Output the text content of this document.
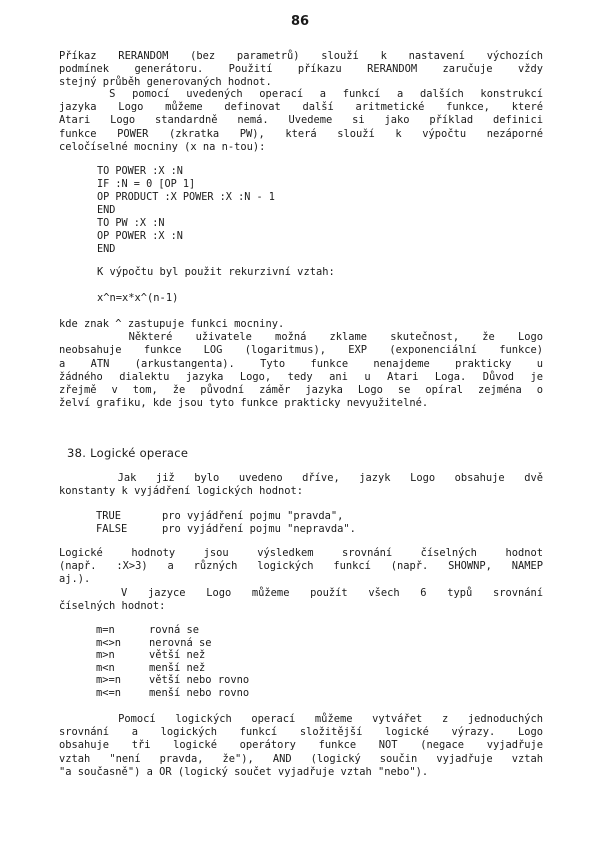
86
Příkaz RERANDOM (bez parametrů) slouží k nastavení výchozích
podmínek generátoru. Použití příkazu RERANDOM zaručuje vždy
stejný průběh generovaných hodnot.
S pomocí uvedených operací a funkcí a dalších konstrukcí
jazyka Logo můžeme definovat další aritmetické funkce, které
Atari Logo standardně nemá. Uvedeme si jako příklad definici
funkce POWER (zkratka PW), která slouží k výpočtu nezáporné
celočíselné mocniny (x na n-tou):
TO POWER :X :N
IF :N = 0 [OP 1]
OP PRODUCT :X POWER :X :N - 1
END
TO PW :X :N
OP POWER :X :N
END
K výpočtu byl použit rekurzivní vztah:
x^n=x*x^(n-1)
kde znak ^ zastupuje funkci mocniny.
Některé uživatele možná zklame skutečnost, že Logo
neobsahuje funkce LOG (logaritmus), EXP (exponenciální funkce)
a ATN (arkustangenta). Tyto funkce nenajdeme prakticky u
žádného dialektu jazyka Logo, tedy ani u Atari Loga. Důvod je
zřejmě v tom, že původní záměr jazyka Logo se opíral zejména o
želví grafiku, kde jsou tyto funkce prakticky nevyužitelné.
38. Logické operace
Jak již bylo uvedeno dříve, jazyk Logo obsahuje dvě
konstanty k vyjádření logických hodnot:
TRUE	pro vyjádření pojmu "pravda",
FALSE	pro vyjádření pojmu "nepravda".
Logické hodnoty jsou výsledkem srovnání číselných hodnot
(např. :X>3) a různých logických funkcí (např. SHOWNP, NAMEP
aj.).
V jazyce Logo můžeme použít všech 6 typů srovnání
číselných hodnot:
m=n	rovná se
m<>n	nerovná se
m>n	větší než
m<n	menší než
m>=n	větší nebo rovno
m<=n	menší nebo rovno
Pomocí logických operací můžeme vytvářet z jednoduchých
srovnání a logických funkcí složitější logické výrazy. Logo
obsahuje tři logické operátory funkce NOT (negace vyjadřuje
vztah "není pravda, že"), AND (logický součin vyjadřuje vztah
"a současně") a OR (logický součet vyjadřuje vztah "nebo").
